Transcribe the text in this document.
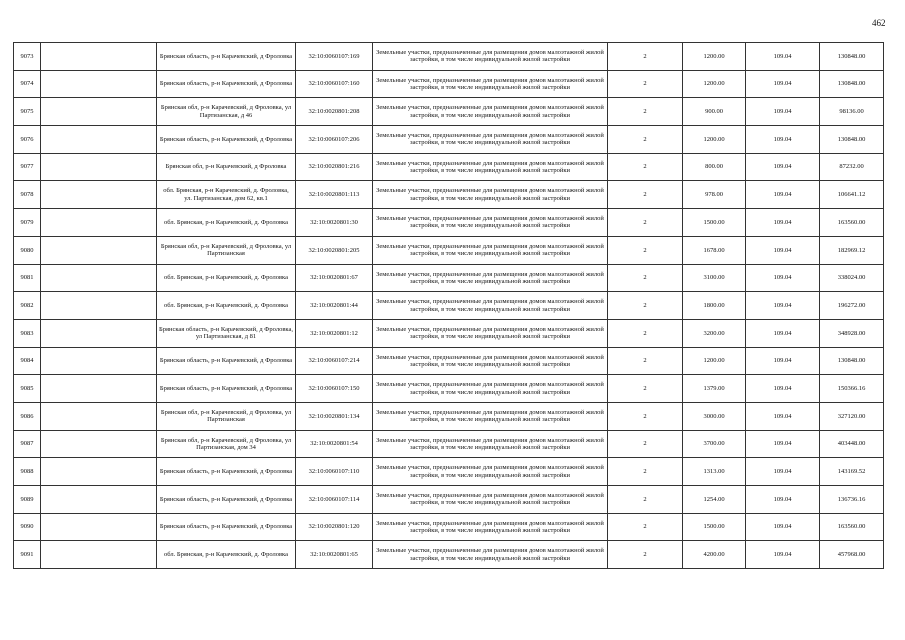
462
9073		Брянская область, р-н Карачевский, д Фроловка	32:10:0060107:169	Земельные участки, предназначенные для размещения домов малоэтажной жилой застройки, в том числе индивидуальной жилой застройки	2	1200.00	109.04	130848.00
9074		Брянская область, р-н Карачевский, д Фроловка	32:10:0060107:160	Земельные участки, предназначенные для размещения домов малоэтажной жилой застройки, в том числе индивидуальной жилой застройки	2	1200.00	109.04	130848.00
9075		Брянская обл, р-н Карачевский, д Фроловка, ул Партизанская, д 46	32:10:0020801:208	Земельные участки, предназначенные для размещения домов малоэтажной жилой застройки, в том числе индивидуальной жилой застройки	2	900.00	109.04	98136.00
9076		Брянская область, р-н Карачевский, д Фроловка	32:10:0060107:206	Земельные участки, предназначенные для размещения домов малоэтажной жилой застройки, в том числе индивидуальной жилой застройки	2	1200.00	109.04	130848.00
9077		Брянская обл, р-н Карачевский, д Фроловка	32:10:0020801:216	Земельные участки, предназначенные для размещения домов малоэтажной жилой застройки, в том числе индивидуальной жилой застройки	2	800.00	109.04	87232.00
9078		обл. Брянская, р-н Карачевский, д. Фроловка, ул. Партизанская, дом 62, кв.1	32:10:0020801:113	Земельные участки, предназначенные для размещения домов малоэтажной жилой застройки, в том числе индивидуальной жилой застройки	2	978.00	109.04	106641.12
9079		обл. Брянская, р-н Карачевский, д. Фроловка	32:10:0020801:30	Земельные участки, предназначенные для размещения домов малоэтажной жилой застройки, в том числе индивидуальной жилой застройки	2	1500.00	109.04	163560.00
9080		Брянская обл, р-н Карачевский, д Фроловка, ул Партизанская	32:10:0020801:205	Земельные участки, предназначенные для размещения домов малоэтажной жилой застройки, в том числе индивидуальной жилой застройки	2	1678.00	109.04	182969.12
9081		обл. Брянская, р-н Карачевский, д. Фроловка	32:10:0020801:67	Земельные участки, предназначенные для размещения домов малоэтажной жилой застройки, в том числе индивидуальной жилой застройки	2	3100.00	109.04	338024.00
9082		обл. Брянская, р-н Карачевский, д. Фроловка	32:10:0020801:44	Земельные участки, предназначенные для размещения домов малоэтажной жилой застройки, в том числе индивидуальной жилой застройки	2	1800.00	109.04	196272.00
9083		Брянская область, р-н Карачевский, д Фроловка, ул Партизанская, д 81	32:10:0020801:12	Земельные участки, предназначенные для размещения домов малоэтажной жилой застройки, в том числе индивидуальной жилой застройки	2	3200.00	109.04	348928.00
9084		Брянская область, р-н Карачевский, д Фроловка	32:10:0060107:214	Земельные участки, предназначенные для размещения домов малоэтажной жилой застройки, в том числе индивидуальной жилой застройки	2	1200.00	109.04	130848.00
9085		Брянская область, р-н Карачевский, д Фроловка	32:10:0060107:150	Земельные участки, предназначенные для размещения домов малоэтажной жилой застройки, в том числе индивидуальной жилой застройки	2	1379.00	109.04	150366.16
9086		Брянская обл, р-н Карачевский, д Фроловка, ул Партизанская	32:10:0020801:134	Земельные участки, предназначенные для размещения домов малоэтажной жилой застройки, в том числе индивидуальной жилой застройки	2	3000.00	109.04	327120.00
9087		Брянская обл, р-н Карачевский, д Фроловка, ул Партизанская, дом 34	32:10:0020801:54	Земельные участки, предназначенные для размещения домов малоэтажной жилой застройки, в том числе индивидуальной жилой застройки	2	3700.00	109.04	403448.00
9088		Брянская область, р-н Карачевский, д Фроловка	32:10:0060107:110	Земельные участки, предназначенные для размещения домов малоэтажной жилой застройки, в том числе индивидуальной жилой застройки	2	1313.00	109.04	143169.52
9089		Брянская область, р-н Карачевский, д Фроловка	32:10:0060107:114	Земельные участки, предназначенные для размещения домов малоэтажной жилой застройки, в том числе индивидуальной жилой застройки	2	1254.00	109.04	136736.16
9090		Брянская область, р-н Карачевский, д Фроловка	32:10:0020801:120	Земельные участки, предназначенные для размещения домов малоэтажной жилой застройки, в том числе индивидуальной жилой застройки	2	1500.00	109.04	163560.00
9091		обл. Брянская, р-н Карачевский, д. Фроловка	32:10:0020801:65	Земельные участки, предназначенные для размещения домов малоэтажной жилой застройки, в том числе индивидуальной жилой застройки	2	4200.00	109.04	457968.00
